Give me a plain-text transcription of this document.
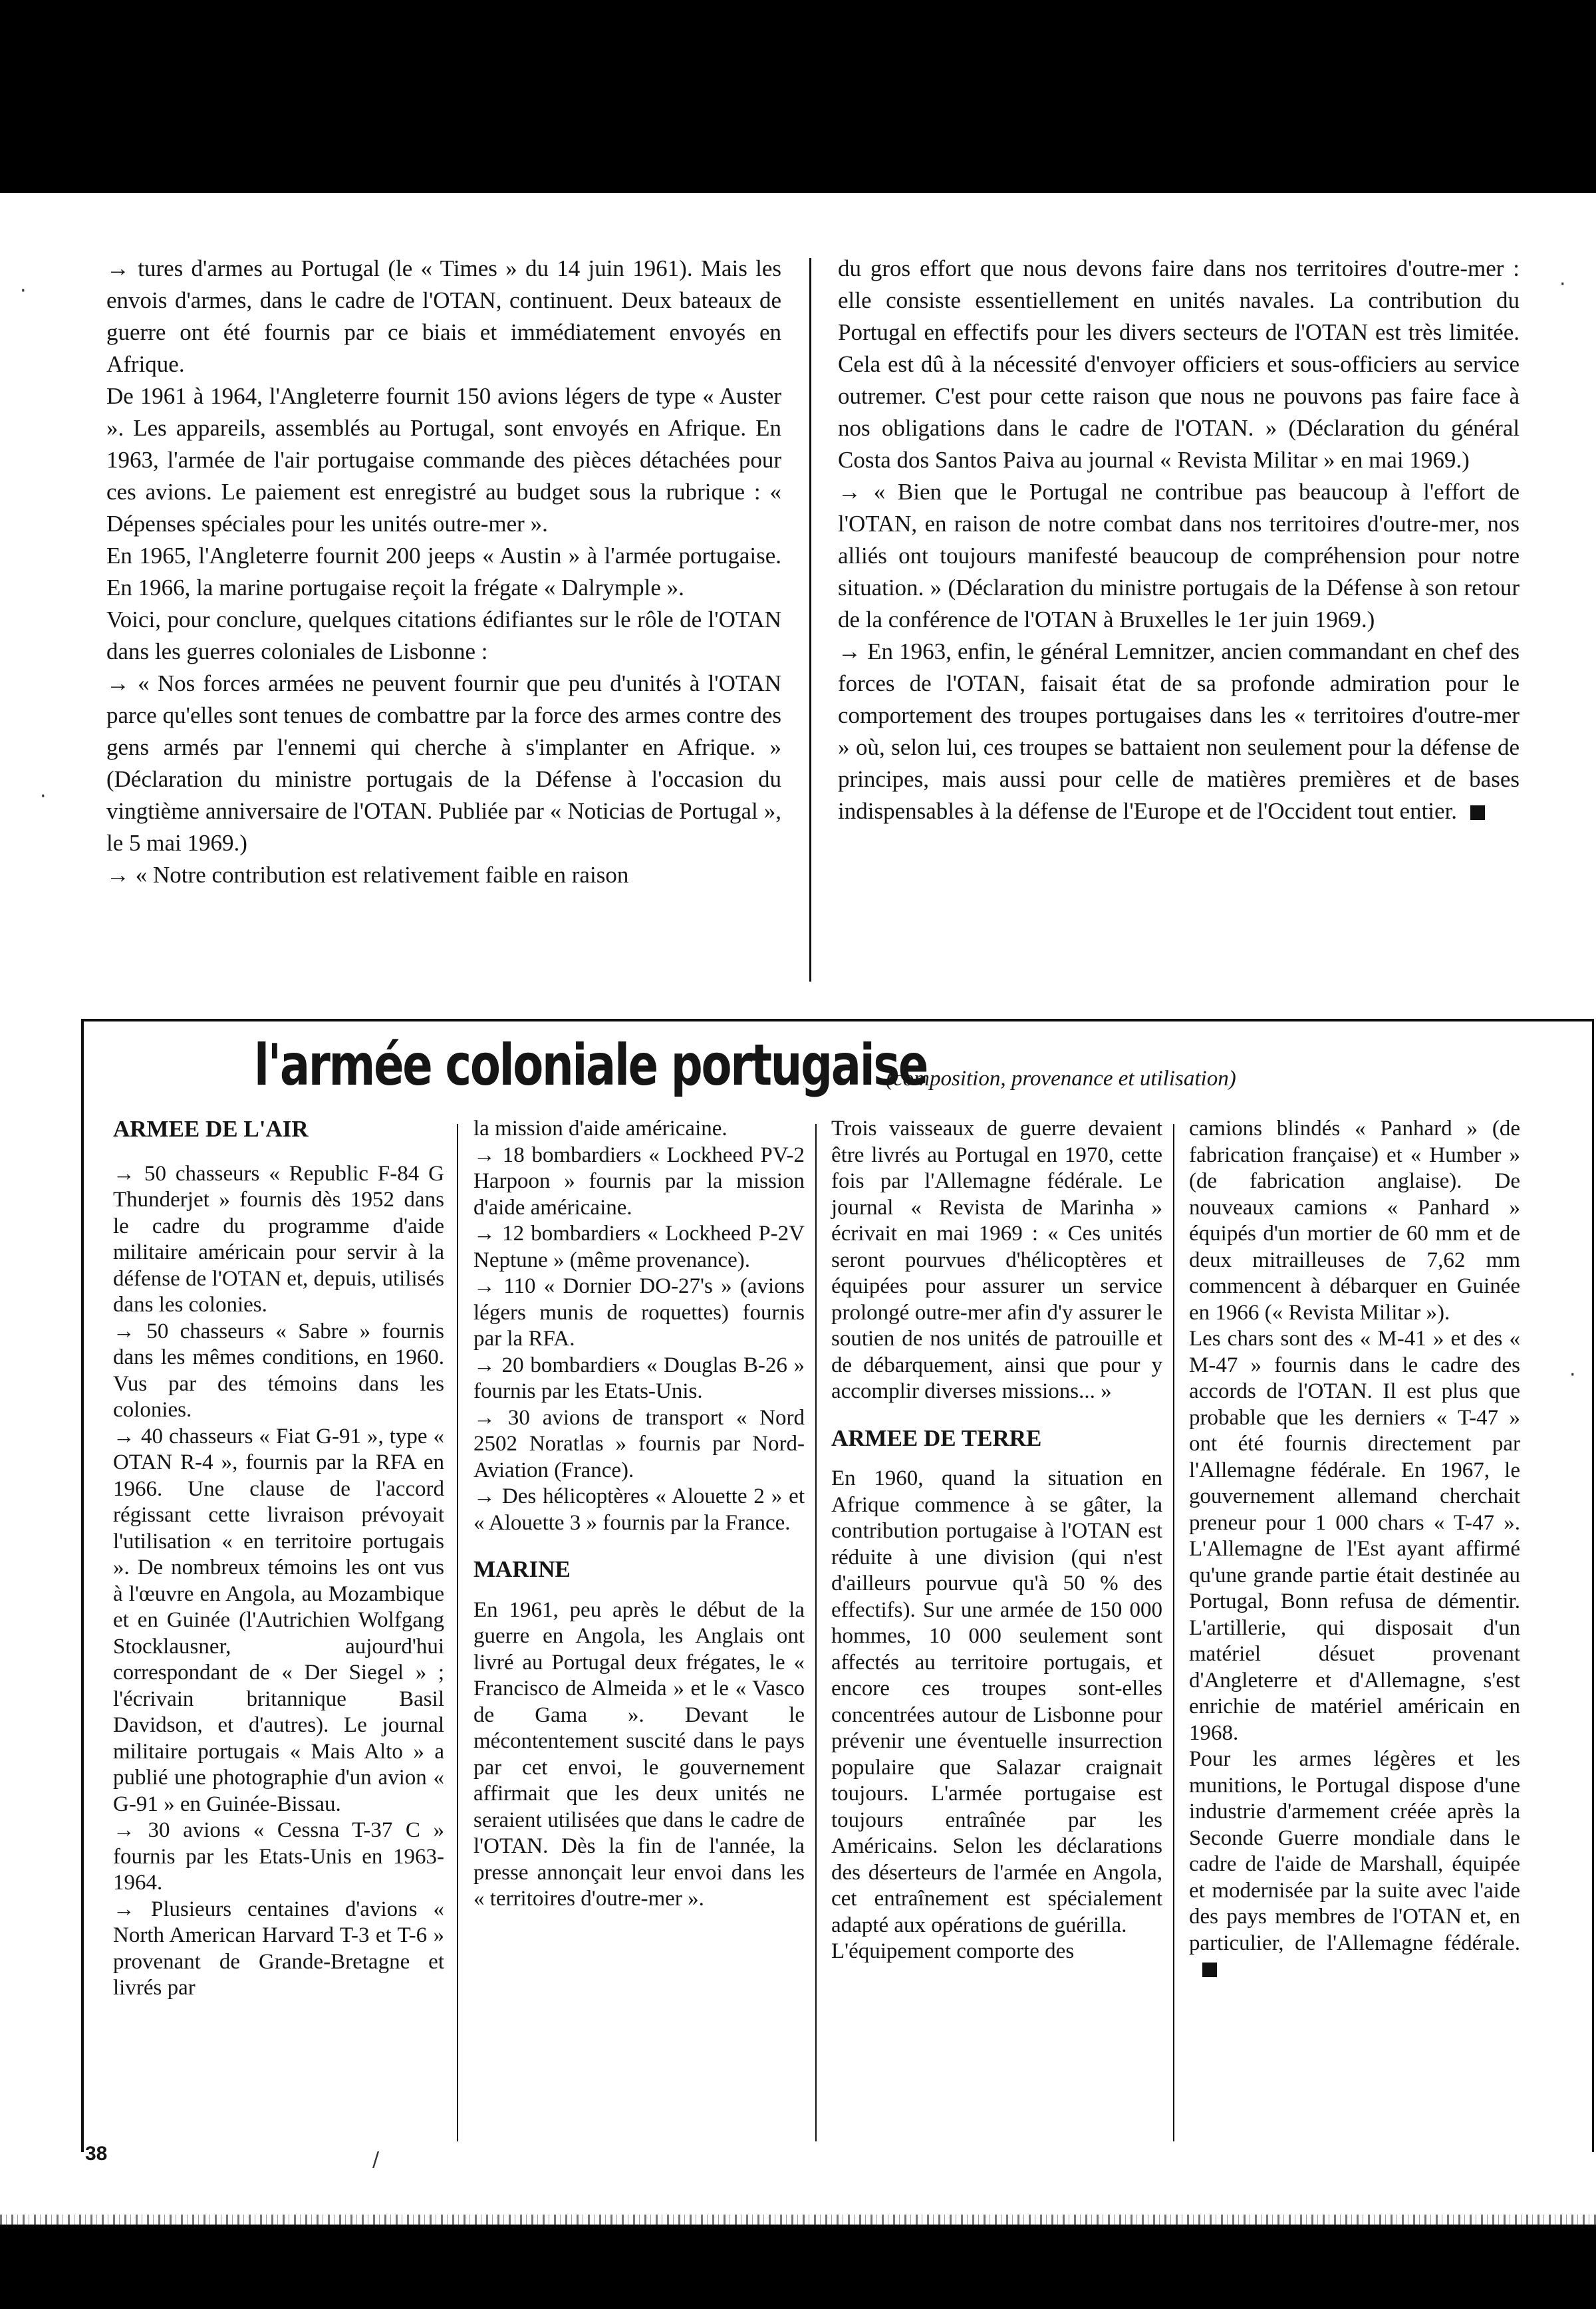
→ tures d'armes au Portugal (le « Times » du 14 juin 1961). Mais les envois d'armes, dans le cadre de l'OTAN, continuent. Deux bateaux de guerre ont été fournis par ce biais et immédiatement envoyés en Afrique.

De 1961 à 1964, l'Angleterre fournit 150 avions légers de type « Auster ». Les appareils, assemblés au Portugal, sont envoyés en Afrique. En 1963, l'armée de l'air portugaise commande des pièces détachées pour ces avions. Le paiement est enregistré au budget sous la rubrique : « Dépenses spéciales pour les unités outre-mer ».

En 1965, l'Angleterre fournit 200 jeeps « Austin » à l'armée portugaise. En 1966, la marine portugaise reçoit la frégate « Dalrymple ».

Voici, pour conclure, quelques citations édifiantes sur le rôle de l'OTAN dans les guerres coloniales de Lisbonne :

→ « Nos forces armées ne peuvent fournir que peu d'unités à l'OTAN parce qu'elles sont tenues de combattre par la force des armes contre des gens armés par l'ennemi qui cherche à s'implanter en Afrique. » (Déclaration du ministre portugais de la Défense à l'occasion du vingtième anniversaire de l'OTAN. Publiée par « Noticias de Portugal », le 5 mai 1969.)

→ « Notre contribution est relativement faible en raison

du gros effort que nous devons faire dans nos territoires d'outre-mer : elle consiste essentiellement en unités navales. La contribution du Portugal en effectifs pour les divers secteurs de l'OTAN est très limitée. Cela est dû à la nécessité d'envoyer officiers et sous-officiers au service outremer. C'est pour cette raison que nous ne pouvons pas faire face à nos obligations dans le cadre de l'OTAN. » (Déclaration du général Costa dos Santos Paiva au journal « Revista Militar » en mai 1969.)

→ « Bien que le Portugal ne contribue pas beaucoup à l'effort de l'OTAN, en raison de notre combat dans nos territoires d'outre-mer, nos alliés ont toujours manifesté beaucoup de compréhension pour notre situation. » (Déclaration du ministre portugais de la Défense à son retour de la conférence de l'OTAN à Bruxelles le 1er juin 1969.)

→ En 1963, enfin, le général Lemnitzer, ancien commandant en chef des forces de l'OTAN, faisait état de sa profonde admiration pour le comportement des troupes portugaises dans les « territoires d'outre-mer » où, selon lui, ces troupes se battaient non seulement pour la défense de principes, mais aussi pour celle de matières premières et de bases indispensables à la défense de l'Europe et de l'Occident tout entier.

l'armée coloniale portugaise
(composition, provenance et utilisation)

ARMEE DE L'AIR

→ 50 chasseurs « Republic F-84 G Thunderjet » fournis dès 1952 dans le cadre du programme d'aide militaire américain pour servir à la défense de l'OTAN et, depuis, utilisés dans les colonies.

→ 50 chasseurs « Sabre » fournis dans les mêmes conditions, en 1960. Vus par des témoins dans les colonies.

→ 40 chasseurs « Fiat G-91 », type « OTAN R-4 », fournis par la RFA en 1966. Une clause de l'accord régissant cette livraison prévoyait l'utilisation « en territoire portugais ». De nombreux témoins les ont vus à l'œuvre en Angola, au Mozambique et en Guinée (l'Autrichien Wolfgang Stocklausner, aujourd'hui correspondant de « Der Siegel » ; l'écrivain britannique Basil Davidson, et d'autres). Le journal militaire portugais « Mais Alto » a publié une photographie d'un avion « G-91 » en Guinée-Bissau.

→ 30 avions « Cessna T-37 C » fournis par les Etats-Unis en 1963-1964.

→ Plusieurs centaines d'avions « North American Harvard T-3 et T-6 » provenant de Grande-Bretagne et livrés par

la mission d'aide américaine.

→ 18 bombardiers « Lockheed PV-2 Harpoon » fournis par la mission d'aide américaine.

→ 12 bombardiers « Lockheed P-2V Neptune » (même provenance).

→ 110 « Dornier DO-27's » (avions légers munis de roquettes) fournis par la RFA.

→ 20 bombardiers « Douglas B-26 » fournis par les Etats-Unis.

→ 30 avions de transport « Nord 2502 Noratlas » fournis par Nord-Aviation (France).

→ Des hélicoptères « Alouette 2 » et « Alouette 3 » fournis par la France.

MARINE

En 1961, peu après le début de la guerre en Angola, les Anglais ont livré au Portugal deux frégates, le « Francisco de Almeida » et le « Vasco de Gama ». Devant le mécontentement suscité dans le pays par cet envoi, le gouvernement affirmait que les deux unités ne seraient utilisées que dans le cadre de l'OTAN. Dès la fin de l'année, la presse annonçait leur envoi dans les « territoires d'outre-mer ».

Trois vaisseaux de guerre devaient être livrés au Portugal en 1970, cette fois par l'Allemagne fédérale. Le journal « Revista de Marinha » écrivait en mai 1969 : « Ces unités seront pourvues d'hélicoptères et équipées pour assurer un service prolongé outre-mer afin d'y assurer le soutien de nos unités de patrouille et de débarquement, ainsi que pour y accomplir diverses missions... »

ARMEE DE TERRE

En 1960, quand la situation en Afrique commence à se gâter, la contribution portugaise à l'OTAN est réduite à une division (qui n'est d'ailleurs pourvue qu'à 50 % des effectifs). Sur une armée de 150 000 hommes, 10 000 seulement sont affectés au territoire portugais, et encore ces troupes sont-elles concentrées autour de Lisbonne pour prévenir une éventuelle insurrection populaire que Salazar craignait toujours. L'armée portugaise est toujours entraînée par les Américains. Selon les déclarations des déserteurs de l'armée en Angola, cet entraînement est spécialement adapté aux opérations de guérilla.

L'équipement comporte des

camions blindés « Panhard » (de fabrication française) et « Humber » (de fabrication anglaise). De nouveaux camions « Panhard » équipés d'un mortier de 60 mm et de deux mitrailleuses de 7,62 mm commencent à débarquer en Guinée en 1966 (« Revista Militar »).

Les chars sont des « M-41 » et des « M-47 » fournis dans le cadre des accords de l'OTAN. Il est plus que probable que les derniers « T-47 » ont été fournis directement par l'Allemagne fédérale. En 1967, le gouvernement allemand cherchait preneur pour 1 000 chars « T-47 ». L'Allemagne de l'Est ayant affirmé qu'une grande partie était destinée au Portugal, Bonn refusa de démentir. L'artillerie, qui disposait d'un matériel désuet provenant d'Angleterre et d'Allemagne, s'est enrichie de matériel américain en 1968.

Pour les armes légères et les munitions, le Portugal dispose d'une industrie d'armement créée après la Seconde Guerre mondiale dans le cadre de l'aide de Marshall, équipée et modernisée par la suite avec l'aide des pays membres de l'OTAN et, en particulier, de l'Allemagne fédérale.

38
·
·
·
·
/
